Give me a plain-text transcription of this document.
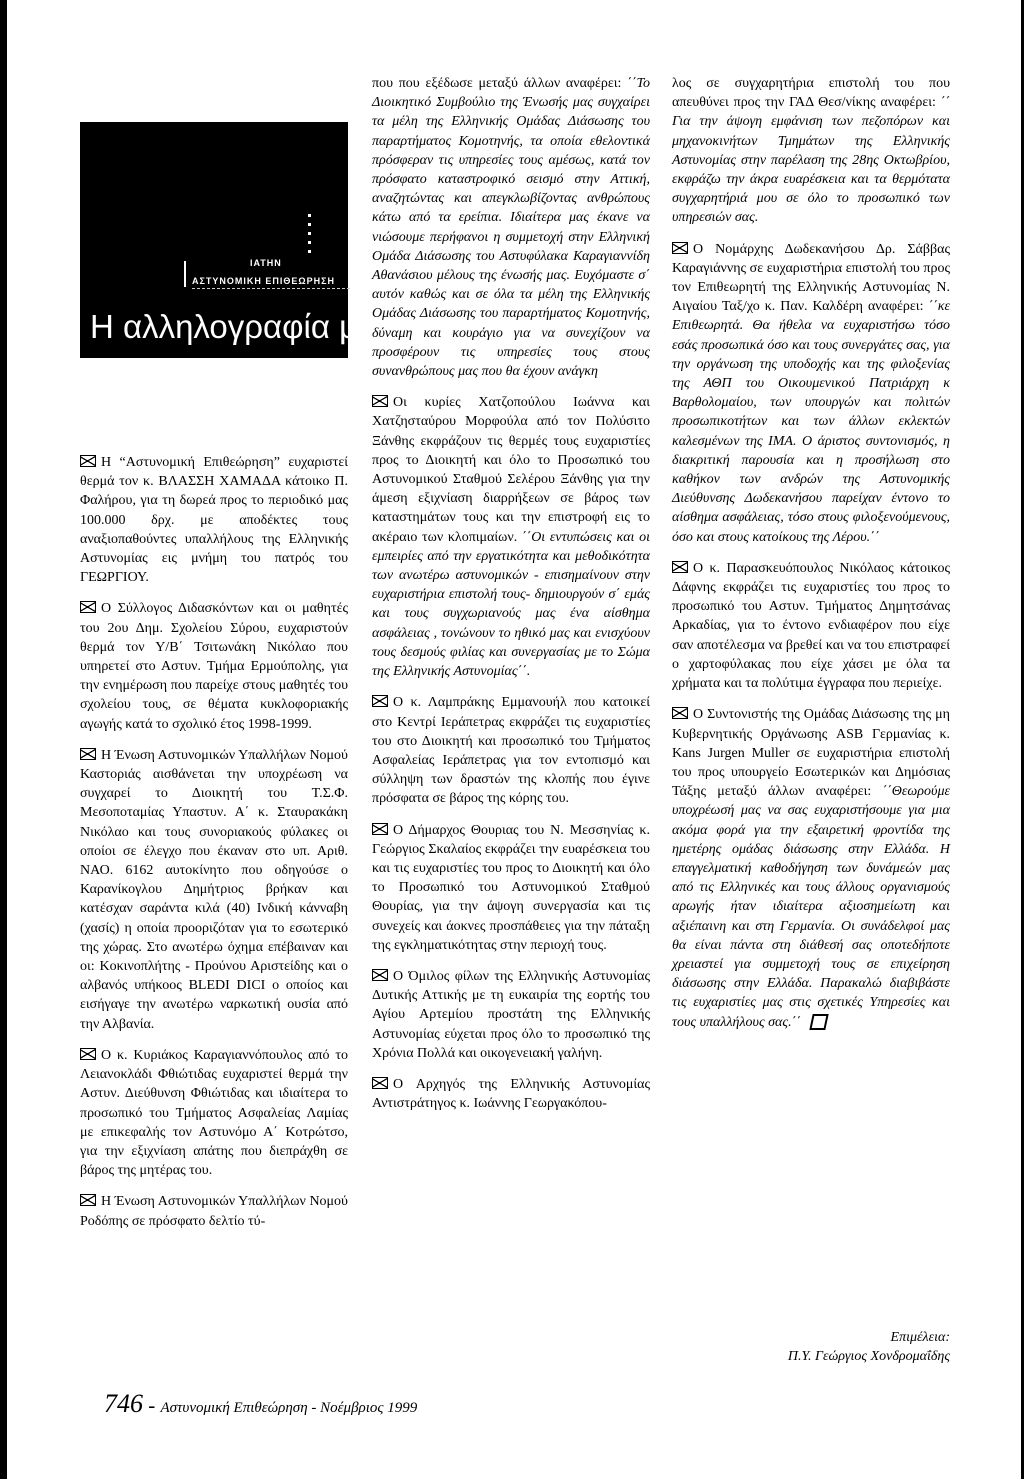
ΙΑΤΗΝ
ΑΣΤΥΝΟΜΙΚΗ ΕΠΙΘΕΩΡΗΣΗ
Η αλληλογραφία μας

Η “Αστυνομική Επιθεώρηση” ευχαριστεί θερμά τον κ. ΒΛΑΣΣΗ ΧΑΜΑΔΑ κάτοικο Π. Φαλήρου, για τη δωρεά προς το περιοδικό μας 100.000 δρχ. με αποδέκτες τους αναξιοπαθούντες υπαλλήλους της Ελληνικής Αστυνομίας εις μνήμη του πατρός του ΓΕΩΡΓΙΟΥ.

Ο Σύλλογος Διδασκόντων και οι μαθητές του 2ου Δημ. Σχολείου Σύρου, ευχαριστούν θερμά τον Υ/Β΄ Τσιτωνάκη Νικόλαο που υπηρετεί στο Αστυν. Τμήμα Ερμούπολης, για την ενημέρωση που παρείχε στους μαθητές του σχολείου τους, σε θέματα κυκλοφοριακής αγωγής κατά το σχολικό έτος 1998-1999.

Η Ένωση Αστυνομικών Υπαλλήλων Νομού Καστοριάς αισθάνεται την υποχρέωση να συγχαρεί το Διοικητή του Τ.Σ.Φ. Μεσοποταμίας Υπαστυν. Α΄ κ. Σταυρακάκη Νικόλαο και τους συνοριακούς φύλακες οι οποίοι σε έλεγχο που έκαναν στο υπ. Αριθ. ΝΑΟ. 6162 αυτοκίνητο που οδηγούσε ο Καρανίκογλου Δημήτριος βρήκαν και κατέσχαν σαράντα κιλά (40) Ινδική κάνναβη (χασίς) η οποία προοριζόταν για το εσωτερικό της χώρας. Στο ανωτέρω όχημα επέβαιναν και οι: Κοκινοπλήτης - Προύνου Αριστείδης και ο αλβανός υπήκοος BLEDI DICI ο οποίος και εισήγαγε την ανωτέρω ναρκωτική ουσία από την Αλβανία.

Ο κ. Κυριάκος Καραγιαννόπουλος από το Λειανοκλάδι Φθιώτιδας ευχαριστεί θερμά την Αστυν. Διεύθυνση Φθιώτιδας και ιδιαίτερα το προσωπικό του Τμήματος Ασφαλείας Λαμίας με επικεφαλής τον Αστυνόμο Α΄ Κοτρώτσο, για την εξιχνίαση απάτης που διεπράχθη σε βάρος της μητέρας του.

Η Ένωση Αστυνομικών Υπαλλήλων Νομού Ροδόπης σε πρόσφατο δελτίο τύ-

που που εξέδωσε μεταξύ άλλων αναφέρει: ΄΄Το Διοικητικό Συμβούλιο της Ένωσής μας συγχαίρει τα μέλη της Ελληνικής Ομάδας Διάσωσης του παραρτήματος Κομοτηνής, τα οποία εθελοντικά πρόσφεραν τις υπηρεσίες τους αμέσως, κατά τον πρόσφατο καταστροφικό σεισμό στην Αττική, αναζητώντας και απεγκλωβίζοντας ανθρώπους κάτω από τα ερείπια. Ιδιαίτερα μας έκανε να νιώσουμε περήφανοι η συμμετοχή στην Ελληνική Ομάδα Διάσωσης του Αστυφύλακα Καραγιαννίδη Αθανάσιου μέλους της ένωσής μας. Ευχόμαστε σ΄ αυτόν καθώς και σε όλα τα μέλη της Ελληνικής Ομάδας Διάσωσης του παραρτήματος Κομοτηνής, δύναμη και κουράγιο για να συνεχίζουν να προσφέρουν τις υπηρεσίες τους στους συνανθρώπους μας που θα έχουν ανάγκη

Οι κυρίες Χατζοπούλου Ιωάννα και Χατζησταύρου Μορφούλα από τον Πολύσιτο Ξάνθης εκφράζουν τις θερμές τους ευχαριστίες προς το Διοικητή και όλο το Προσωπικό του Αστυνομικού Σταθμού Σελέρου Ξάνθης για την άμεση εξιχνίαση διαρρήξεων σε βάρος των καταστημάτων τους και την επιστροφή εις το ακέραιο των κλοπιμαίων. ΄΄Οι εντυπώσεις και οι εμπειρίες από την εργατικότητα και μεθοδικότητα των ανωτέρω αστυνομικών - επισημαίνουν στην ευχαριστήρια επιστολή τους- δημιουργούν σ΄ εμάς και τους συγχωριανούς μας ένα αίσθημα ασφάλειας , τονώνουν το ηθικό μας και ενισχύουν τους δεσμούς φιλίας και συνεργασίας με το Σώμα της Ελληνικής Αστυνομίας΄΄.

Ο κ. Λαμπράκης Εμμανουήλ που κατοικεί στο Κεντρί Ιεράπετρας εκφράζει τις ευχαριστίες του στο Διοικητή και προσωπικό του Τμήματος Ασφαλείας Ιεράπετρας για τον εντοπισμό και σύλληψη των δραστών της κλοπής που έγινε πρόσφατα σε βάρος της κόρης του.

Ο Δήμαρχος Θουριας του Ν. Μεσσηνίας κ. Γεώργιος Σκαλαίος εκφράζει την ευαρέσκεια του και τις ευχαριστίες του προς το Διοικητή και όλο το Προσωπικό του Αστυνομικού Σταθμού Θουρίας, για την άψογη συνεργασία και τις συνεχείς και άοκνες προσπάθειες για την πάταξη της εγκληματικότητας στην περιοχή τους.

Ο Όμιλος φίλων της Ελληνικής Αστυνομίας Δυτικής Αττικής με τη ευκαιρία της εορτής του Αγίου Αρτεμίου προστάτη της Ελληνικής Αστυνομίας εύχεται προς όλο το προσωπικό της Χρόνια Πολλά και οικογενειακή γαλήνη.

Ο Αρχηγός της Ελληνικής Αστυνομίας Αντιστράτηγος κ. Ιωάννης Γεωργακόπου-

λος σε συγχαρητήρια επιστολή του που απευθύνει προς την ΓΑΔ Θεσ/νίκης αναφέρει: ΄΄ Για την άψογη εμφάνιση των πεζοπόρων και μηχανοκινήτων Τμημάτων της Ελληνικής Αστυνομίας στην παρέλαση της 28ης Οκτωβρίου, εκφράζω την άκρα ευαρέσκεια και τα θερμότατα συγχαρητήριά μου σε όλο το προσωπικό των υπηρεσιών σας.

Ο Νομάρχης Δωδεκανήσου Δρ. Σάββας Καραγιάννης σε ευχαριστήρια επιστολή του προς τον Επιθεωρητή της Ελληνικής Αστυνομίας Ν. Αιγαίου Ταξ/χο κ. Παν. Καλδέρη αναφέρει: ΄΄κε Επιθεωρητά. Θα ήθελα να ευχαριστήσω τόσο εσάς προσωπικά όσο και τους συνεργάτες σας, για την οργάνωση της υποδοχής και της φιλοξενίας της ΑΘΠ του Οικουμενικού Πατριάρχη κ Βαρθολομαίου, των υπουργών και πολιτών προσωπικοτήτων και των άλλων εκλεκτών καλεσμένων της ΙΜΑ. Ο άριστος συντονισμός, η διακριτική παρουσία και η προσήλωση στο καθήκον των ανδρών της Αστυνομικής Διεύθυνσης Δωδεκανήσου παρείχαν έντονο το αίσθημα ασφάλειας, τόσο στους φιλοξενούμενους, όσο και στους κατοίκους της Λέρου.΄΄

Ο κ. Παρασκευόπουλος Νικόλαος κάτοικος Δάφνης εκφράζει τις ευχαριστίες του προς το προσωπικό του Αστυν. Τμήματος Δημητσάνας Αρκαδίας, για το έντονο ενδιαφέρον που είχε σαν αποτέλεσμα να βρεθεί και να του επιστραφεί ο χαρτοφύλακας που είχε χάσει με όλα τα χρήματα και τα πολύτιμα έγγραφα που περιείχε.

Ο Συντονιστής της Ομάδας Διάσωσης της μη Κυβερνητικής Οργάνωσης ASB Γερμανίας κ. Kans Jurgen Muller σε ευχαριστήρια επιστολή του προς υπουργείο Εσωτερικών και Δημόσιας Τάξης μεταξύ άλλων αναφέρει: ΄΄Θεωρούμε υποχρέωσή μας να σας ευχαριστήσουμε για μια ακόμα φορά για την εξαιρετική φροντίδα της ημετέρης ομάδας διάσωσης στην Ελλάδα. Η επαγγελματική καθοδήγηση των δυνάμεών μας από τις Ελληνικές και τους άλλους οργανισμούς αρωγής ήταν ιδιαίτερα αξιοσημείωτη και αξιέπαινη και στη Γερμανία. Οι συνάδελφοί μας θα είναι πάντα στη διάθεσή σας οποτεδήποτε χρειαστεί για συμμετοχή τους σε επιχείρηση διάσωσης στην Ελλάδα. Παρακαλώ διαβιβάστε τις ευχαριστίες μας στις σχετικές Υπηρεσίες και τους υπαλλήλους σας.΄΄

Επιμέλεια:
Π.Υ. Γεώργιος Χονδρομαΐδης
746 - Αστυνομική Επιθεώρηση - Νοέμβριος 1999
